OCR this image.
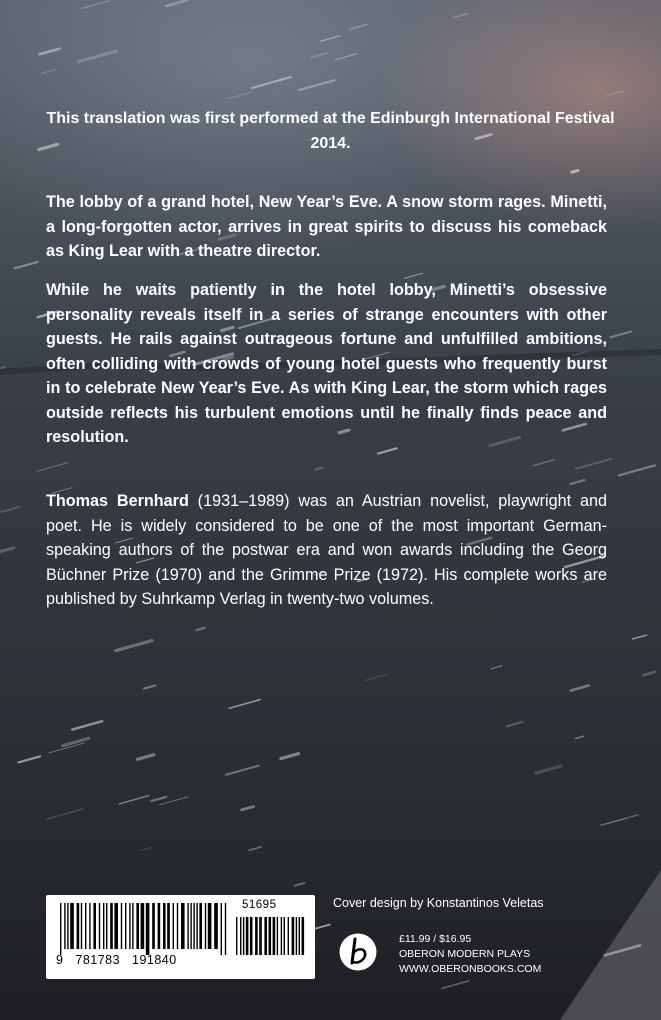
This translation was first performed at the Edinburgh International Festival 2014.
The lobby of a grand hotel, New Year’s Eve. A snow storm rages. Minetti, a long-forgotten actor, arrives in great spirits to discuss his comeback as King Lear with a theatre director.
While he waits patiently in the hotel lobby, Minetti’s obsessive personality reveals itself in a series of strange encounters with other guests. He rails against outrageous fortune and unfulfilled ambitions, often colliding with crowds of young hotel guests who frequently burst in to celebrate New Year’s Eve. As with King Lear, the storm which rages outside reflects his turbulent emotions until he finally finds peace and resolution.
Thomas Bernhard (1931–1989) was an Austrian novelist, playwright and poet. He is widely considered to be one of the most important German-speaking authors of the postwar era and won awards including the Georg Büchner Prize (1970) and the Grimme Prize (1972). His complete works are published by Suhrkamp Verlag in twenty-two volumes.
9   781783   191840
51695	Cover design by Konstantinos Veletas
£11.99 / $16.95
OBERON MODERN PLAYS
WWW.OBERONBOOKS.COM
